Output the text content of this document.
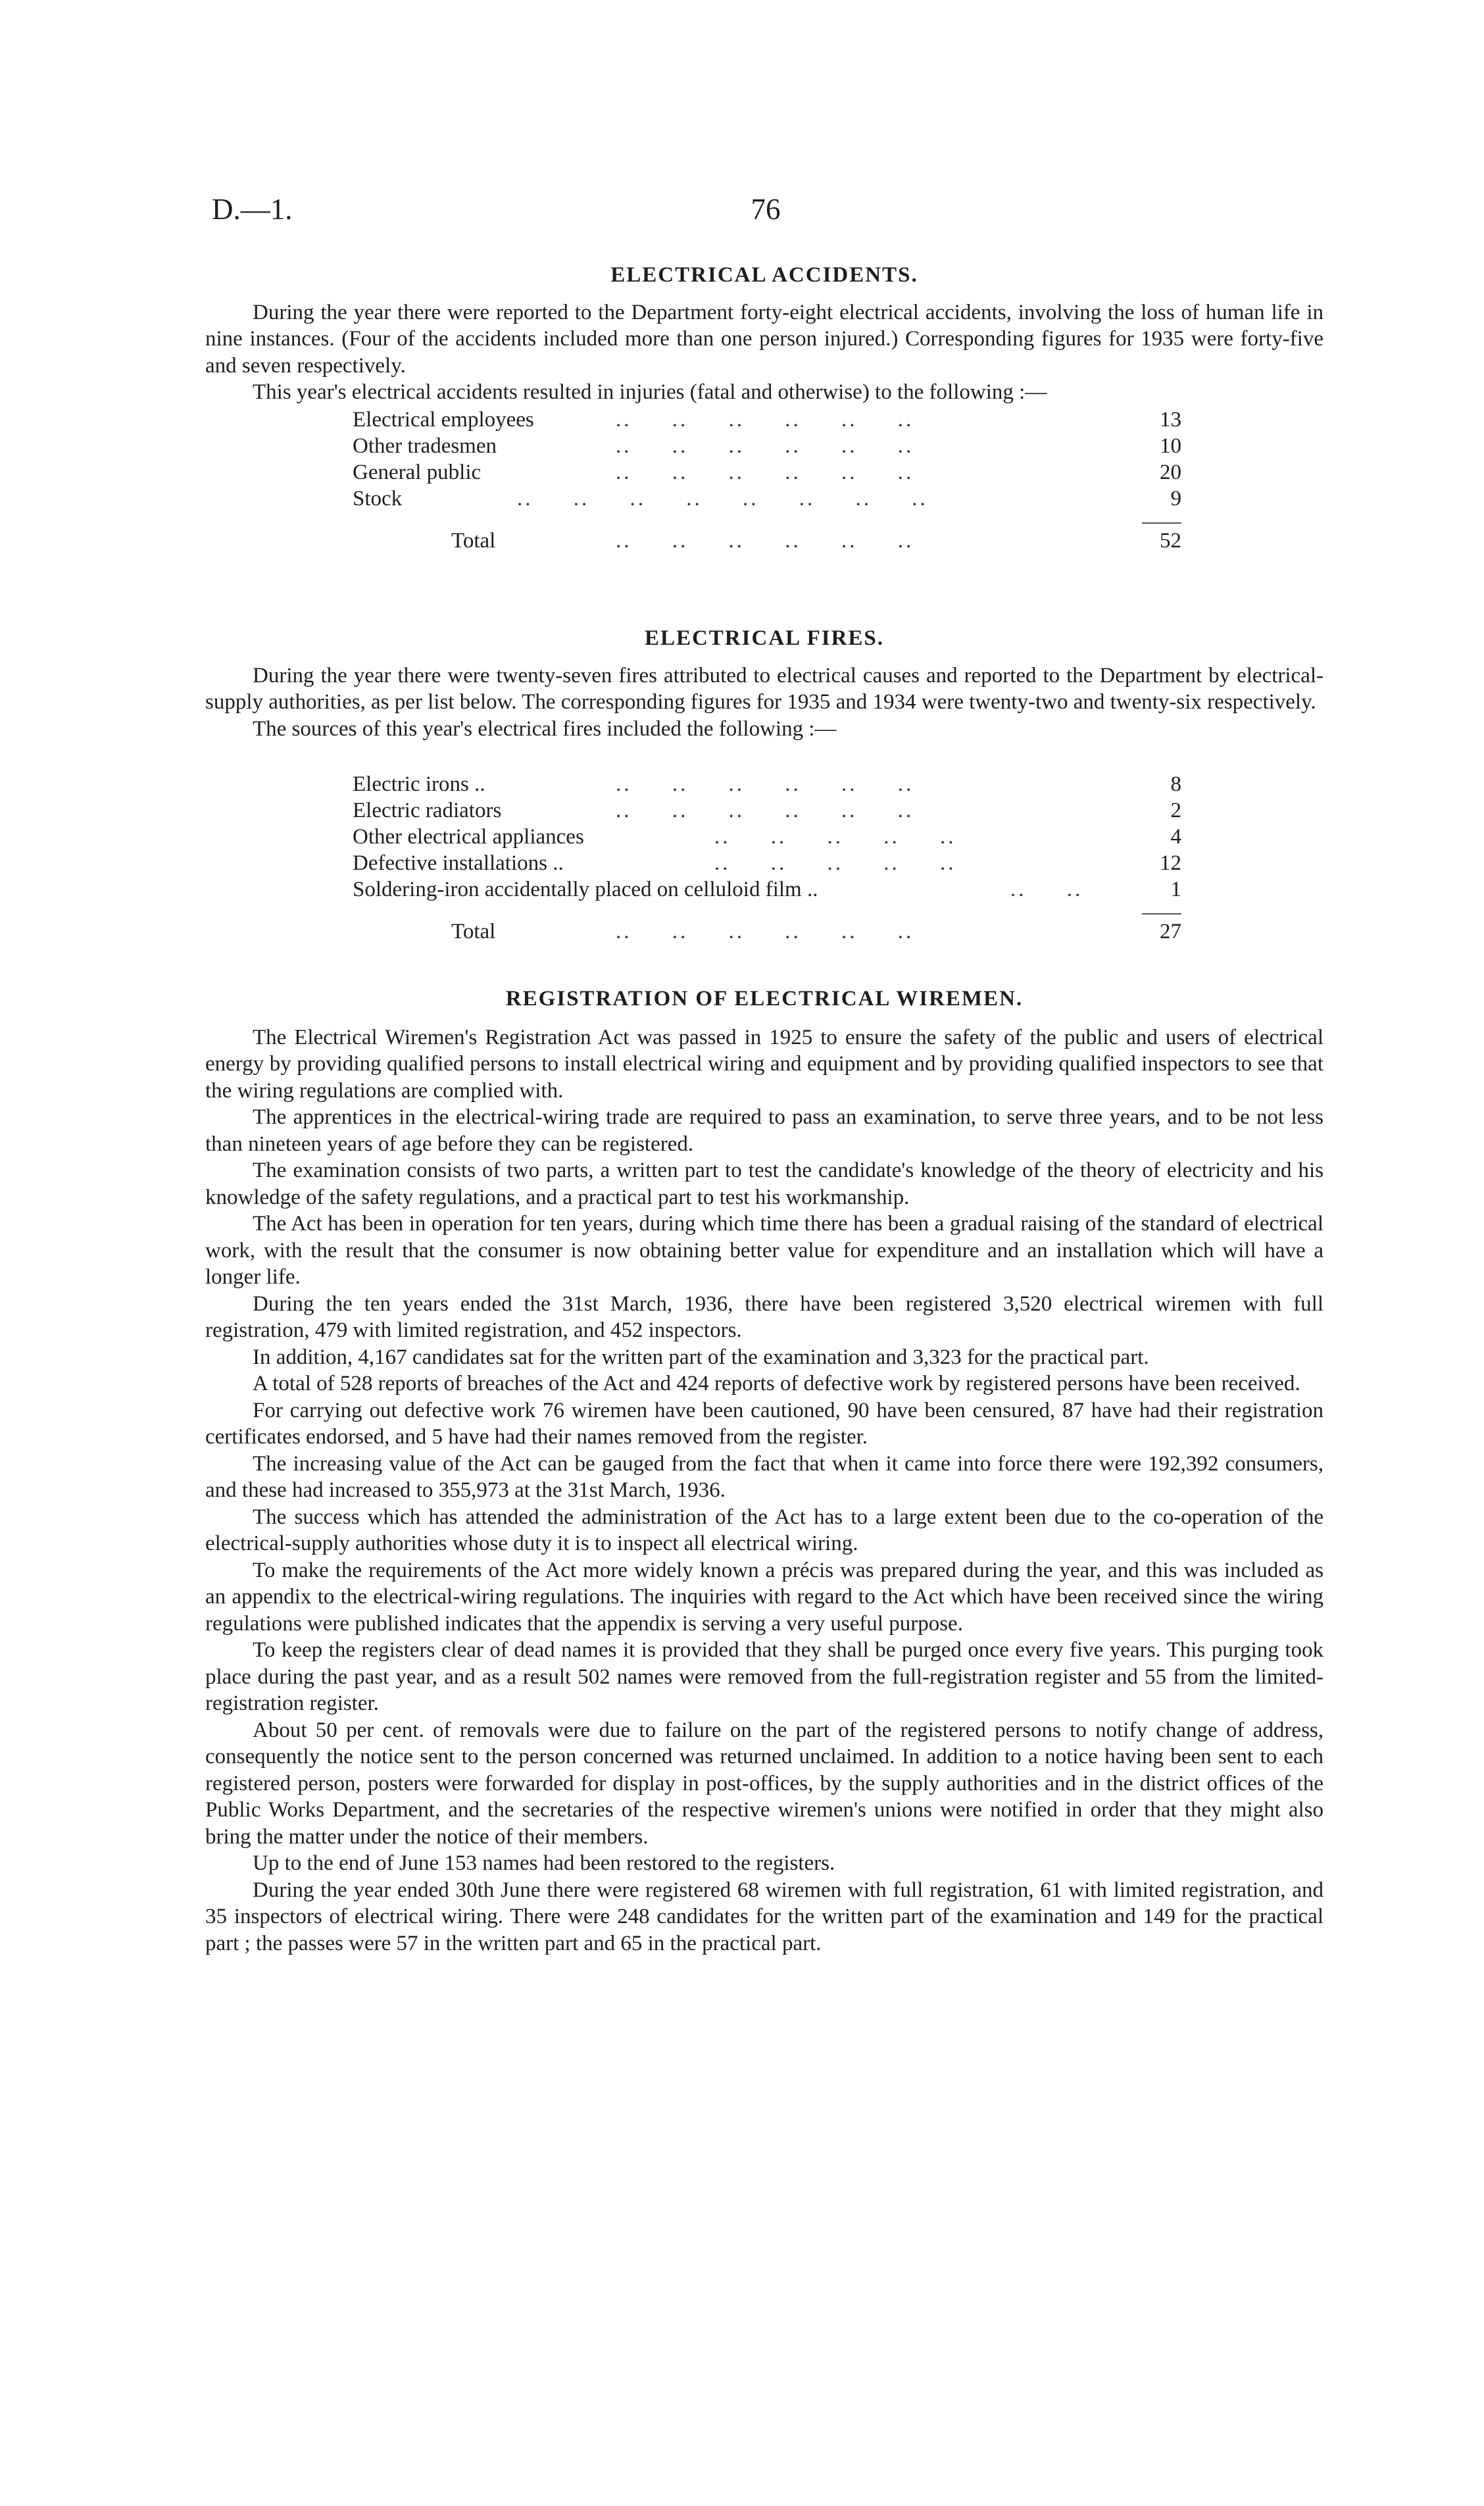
D.—1.	76
ELECTRICAL ACCIDENTS.

During the year there were reported to the Department forty-eight electrical accidents, involving the loss of human life in nine instances. (Four of the accidents included more than one person injured.) Corresponding figures for 1935 were forty-five and seven respectively.

This year's electrical accidents resulted in injuries (fatal and otherwise) to the following :—

Electrical employees	..     ..     ..     ..     ..     ..	13
Other tradesmen	..     ..     ..     ..     ..     ..	10
General public	..     ..     ..     ..     ..     ..	20
Stock	..     ..     ..     ..     ..     ..     ..     ..	9
Total	..     ..     ..     ..     ..     ..	52
ELECTRICAL FIRES.

During the year there were twenty-seven fires attributed to electrical causes and reported to the Department by electrical-supply authorities, as per list below. The corresponding figures for 1935 and 1934 were twenty-two and twenty-six respectively.

The sources of this year's electrical fires included the following :—

Electric irons ..	..     ..     ..     ..     ..     ..	8
Electric radiators	..     ..     ..     ..     ..     ..	2
Other electrical appliances	..     ..     ..     ..     ..	4
Defective installations ..	..     ..     ..     ..     ..	12
Soldering-iron accidentally placed on celluloid film ..	..     ..	1
Total	..     ..     ..     ..     ..     ..	27
REGISTRATION OF ELECTRICAL WIREMEN.

The Electrical Wiremen's Registration Act was passed in 1925 to ensure the safety of the public and users of electrical energy by providing qualified persons to install electrical wiring and equipment and by providing qualified inspectors to see that the wiring regulations are complied with.

The apprentices in the electrical-wiring trade are required to pass an examination, to serve three years, and to be not less than nineteen years of age before they can be registered.

The examination consists of two parts, a written part to test the candidate's knowledge of the theory of electricity and his knowledge of the safety regulations, and a practical part to test his workmanship.

The Act has been in operation for ten years, during which time there has been a gradual raising of the standard of electrical work, with the result that the consumer is now obtaining better value for expenditure and an installation which will have a longer life.

During the ten years ended the 31st March, 1936, there have been registered 3,520 electrical wiremen with full registration, 479 with limited registration, and 452 inspectors.

In addition, 4,167 candidates sat for the written part of the examination and 3,323 for the practical part.

A total of 528 reports of breaches of the Act and 424 reports of defective work by registered persons have been received.

For carrying out defective work 76 wiremen have been cautioned, 90 have been censured, 87 have had their registration certificates endorsed, and 5 have had their names removed from the register.

The increasing value of the Act can be gauged from the fact that when it came into force there were 192,392 consumers, and these had increased to 355,973 at the 31st March, 1936.

The success which has attended the administration of the Act has to a large extent been due to the co-operation of the electrical-supply authorities whose duty it is to inspect all electrical wiring.

To make the requirements of the Act more widely known a précis was prepared during the year, and this was included as an appendix to the electrical-wiring regulations. The inquiries with regard to the Act which have been received since the wiring regulations were published indicates that the appendix is serving a very useful purpose.

To keep the registers clear of dead names it is provided that they shall be purged once every five years. This purging took place during the past year, and as a result 502 names were removed from the full-registration register and 55 from the limited-registration register.

About 50 per cent. of removals were due to failure on the part of the registered persons to notify change of address, consequently the notice sent to the person concerned was returned unclaimed. In addition to a notice having been sent to each registered person, posters were forwarded for display in post-offices, by the supply authorities and in the district offices of the Public Works Department, and the secretaries of the respective wiremen's unions were notified in order that they might also bring the matter under the notice of their members.

Up to the end of June 153 names had been restored to the registers.

During the year ended 30th June there were registered 68 wiremen with full registration, 61 with limited registration, and 35 inspectors of electrical wiring. There were 248 candidates for the written part of the examination and 149 for the practical part ; the passes were 57 in the written part and 65 in the practical part.
